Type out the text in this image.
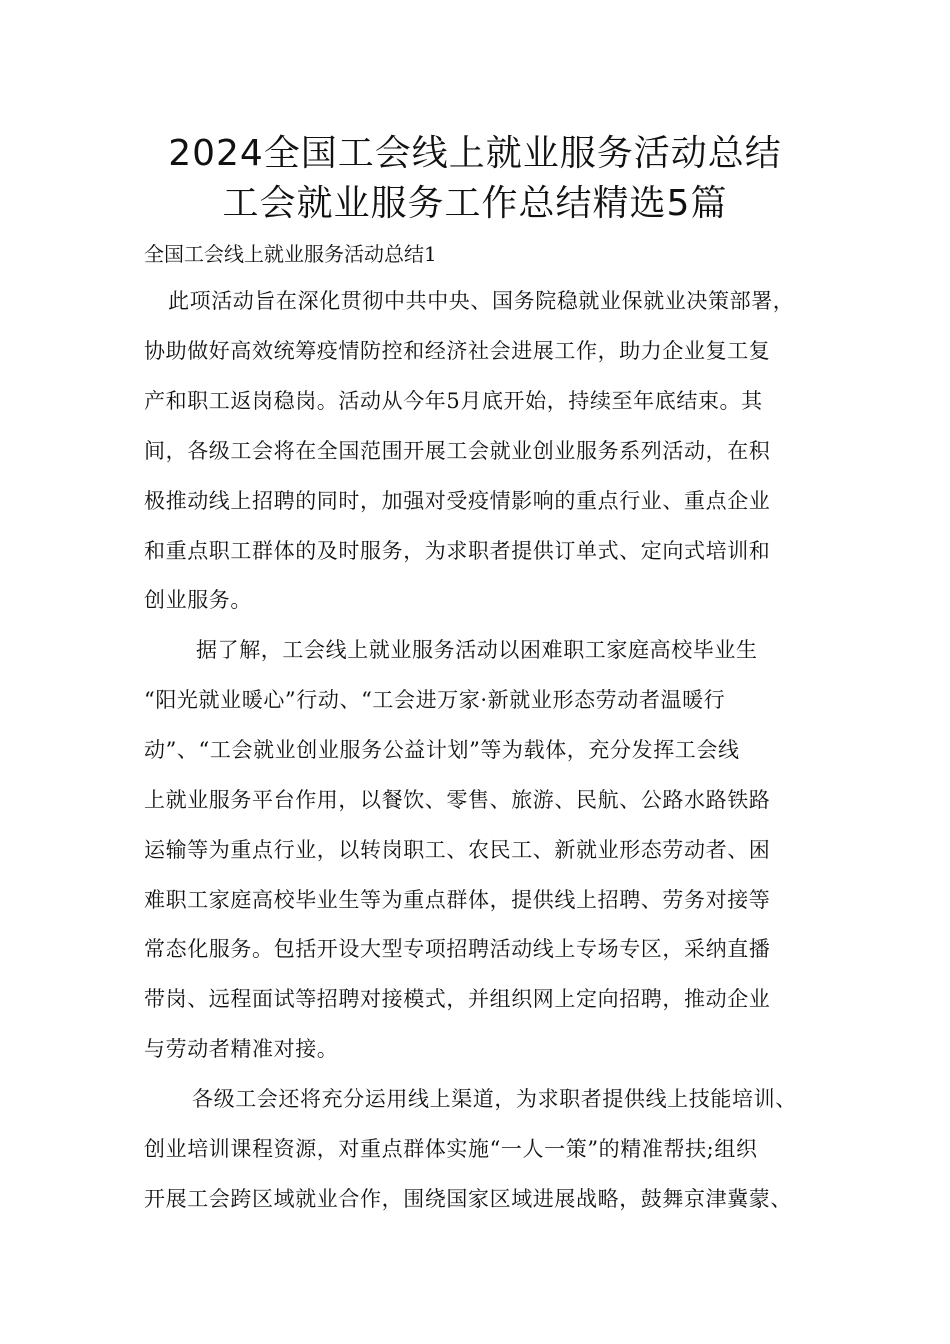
2024全国工会线上就业服务活动总结
工会就业服务工作总结精选5篇
全国工会线上就业服务活动总结1
此项活动旨在深化贯彻中共中央、国务院稳就业保就业决策部署，
协助做好高效统筹疫情防控和经济社会进展工作，助力企业复工复
产和职工返岗稳岗。活动从今年5月底开始，持续至年底结束。其
间，各级工会将在全国范围开展工会就业创业服务系列活动，在积
极推动线上招聘的同时，加强对受疫情影响的重点行业、重点企业
和重点职工群体的及时服务，为求职者提供订单式、定向式培训和
创业服务。
据了解，工会线上就业服务活动以困难职工家庭高校毕业生
“阳光就业暖心”行动、“工会进万家·新就业形态劳动者温暖行
动”、“工会就业创业服务公益计划”等为载体，充分发挥工会线
上就业服务平台作用，以餐饮、零售、旅游、民航、公路水路铁路
运输等为重点行业，以转岗职工、农民工、新就业形态劳动者、困
难职工家庭高校毕业生等为重点群体，提供线上招聘、劳务对接等
常态化服务。包括开设大型专项招聘活动线上专场专区，采纳直播
带岗、远程面试等招聘对接模式，并组织网上定向招聘，推动企业
与劳动者精准对接。
各级工会还将充分运用线上渠道，为求职者提供线上技能培训、
创业培训课程资源，对重点群体实施“一人一策”的精准帮扶;组织
开展工会跨区域就业合作，围绕国家区域进展战略，鼓舞京津冀蒙、
